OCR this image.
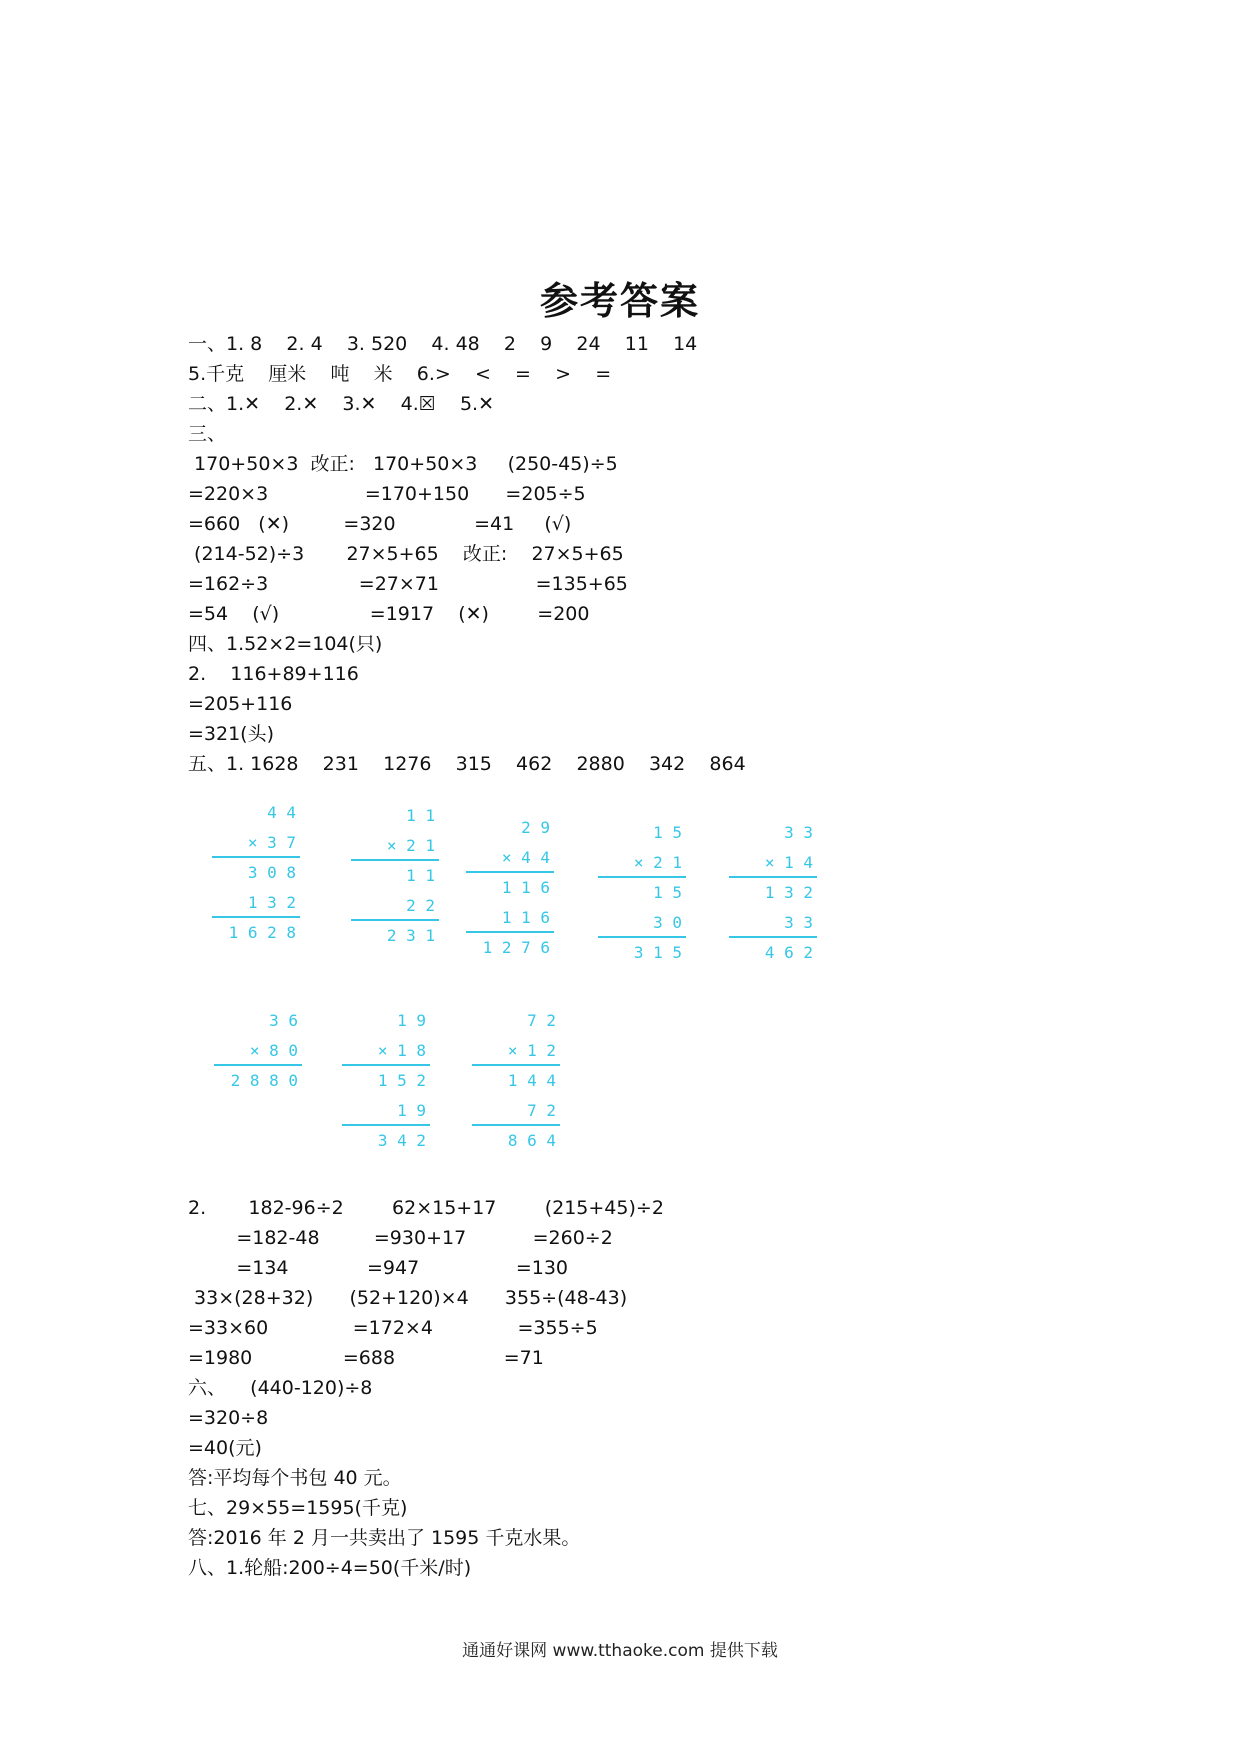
参考答案
一、1. 8    2. 4    3. 520    4. 48    2    9    24    11    14
5.千克    厘米    吨    米    6.>    <    =    >    =
二、1.✕    2.✕    3.✕    4.☒    5.✕
三、
170+50×3  改正:   170+50×3     (250-45)÷5
=220×3                =170+150      =205÷5
=660   (✕)         =320             =41     (√)
(214-52)÷3       27×5+65    改正:    27×5+65
=162÷3               =27×71                =135+65
=54    (√)               =1917    (✕)        =200
四、1.52×2=104(只)
2.    116+89+116
=205+116
=321(头)
五、1. 1628    231    1276    315    462    2880    342    864
4 4
× 3 7
3 0 8
1 3 2
1 6 2 8
1 1
× 2 1
1 1
2 2
2 3 1
2 9
× 4 4
1 1 6
1 1 6
1 2 7 6
1 5
× 2 1
1 5
3 0
3 1 5
3 3
× 1 4
1 3 2
3 3
4 6 2
3 6
× 8 0
2 8 8 0
1 9
× 1 8
1 5 2
1 9
3 4 2
7 2
× 1 2
1 4 4
7 2
8 6 4
2.       182-96÷2        62×15+17        (215+45)÷2
=182-48         =930+17           =260÷2
=134             =947                =130
33×(28+32)      (52+120)×4      355÷(48-43)
=33×60              =172×4              =355÷5
=1980               =688                  =71
六、    (440-120)÷8
=320÷8
=40(元)
答:平均每个书包 40 元。
七、29×55=1595(千克)
答:2016 年 2 月一共卖出了 1595 千克水果。
八、1.轮船:200÷4=50(千米/时)
通通好课网 www.tthaoke.com 提供下载
